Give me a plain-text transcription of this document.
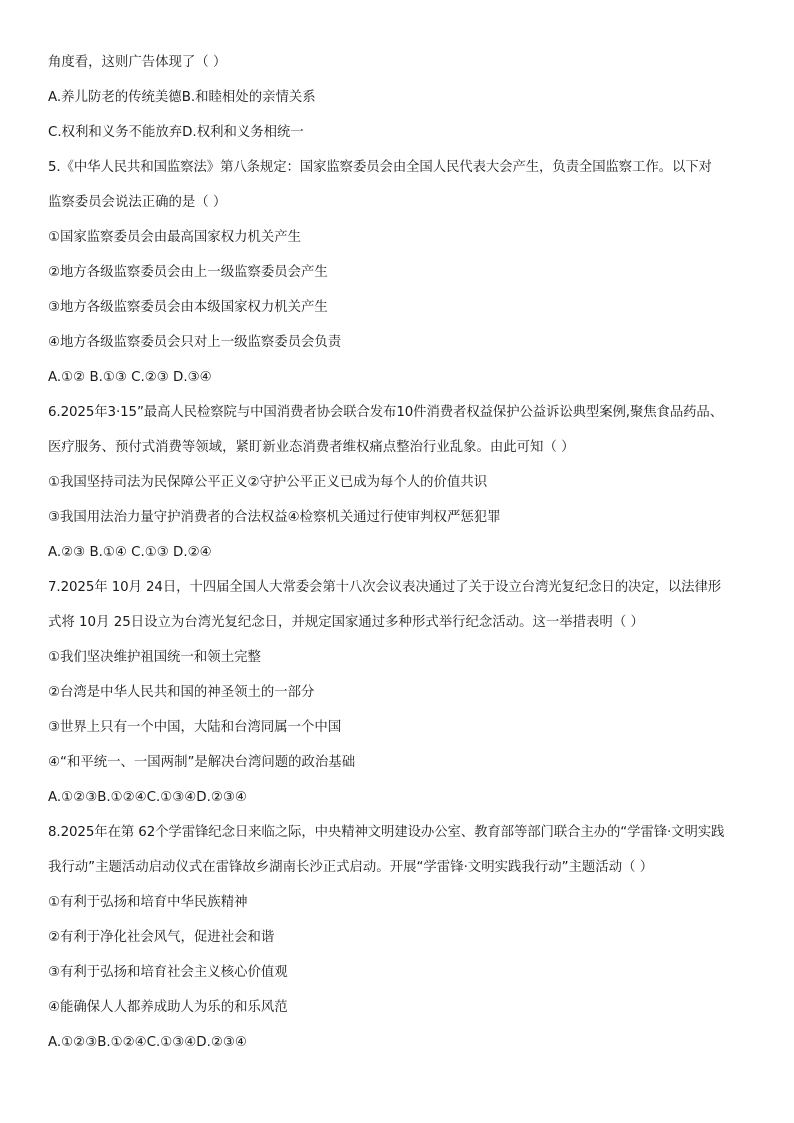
角度看，这则广告体现了（ ）
A.养儿防老的传统美德B.和睦相处的亲情关系
C.权利和义务不能放弃D.权利和义务相统一
5.《中华人民共和国监察法》第八条规定：国家监察委员会由全国人民代表大会产生，负责全国监察工作。以下对
监察委员会说法正确的是（ ）
①国家监察委员会由最高国家权力机关产生
②地方各级监察委员会由上一级监察委员会产生
③地方各级监察委员会由本级国家权力机关产生
④地方各级监察委员会只对上一级监察委员会负责
A.①② B.①③ C.②③ D.③④
6.2025年3·15”最高人民检察院与中国消费者协会联合发布10件消费者权益保护公益诉讼典型案例,聚焦食品药品、
医疗服务、预付式消费等领域，紧盯新业态消费者维权痛点整治行业乱象。由此可知（ ）
①我国坚持司法为民保障公平正义②守护公平正义已成为每个人的价值共识
③我国用法治力量守护消费者的合法权益④检察机关通过行使审判权严惩犯罪
A.②③ B.①④ C.①③ D.②④
7.2025年 10月 24日，十四届全国人大常委会第十八次会议表决通过了关于设立台湾光复纪念日的决定，以法律形
式将 10月 25日设立为台湾光复纪念日，并规定国家通过多种形式举行纪念活动。这一举措表明（ ）
①我们坚决维护祖国统一和领土完整
②台湾是中华人民共和国的神圣领土的一部分
③世界上只有一个中国，大陆和台湾同属一个中国
④“和平统一、一国两制”是解决台湾问题的政治基础
A.①②③B.①②④C.①③④D.②③④
8.2025年在第 62个学雷锋纪念日来临之际，中央精神文明建设办公室、教育部等部门联合主办的“学雷锋·文明实践
我行动”主题活动启动仪式在雷锋故乡湖南长沙正式启动。开展“学雷锋·文明实践我行动”主题活动（ ）
①有利于弘扬和培育中华民族精神
②有利于净化社会风气，促进社会和谐
③有利于弘扬和培育社会主义核心价值观
④能确保人人都养成助人为乐的和乐风范
A.①②③B.①②④C.①③④D.②③④
